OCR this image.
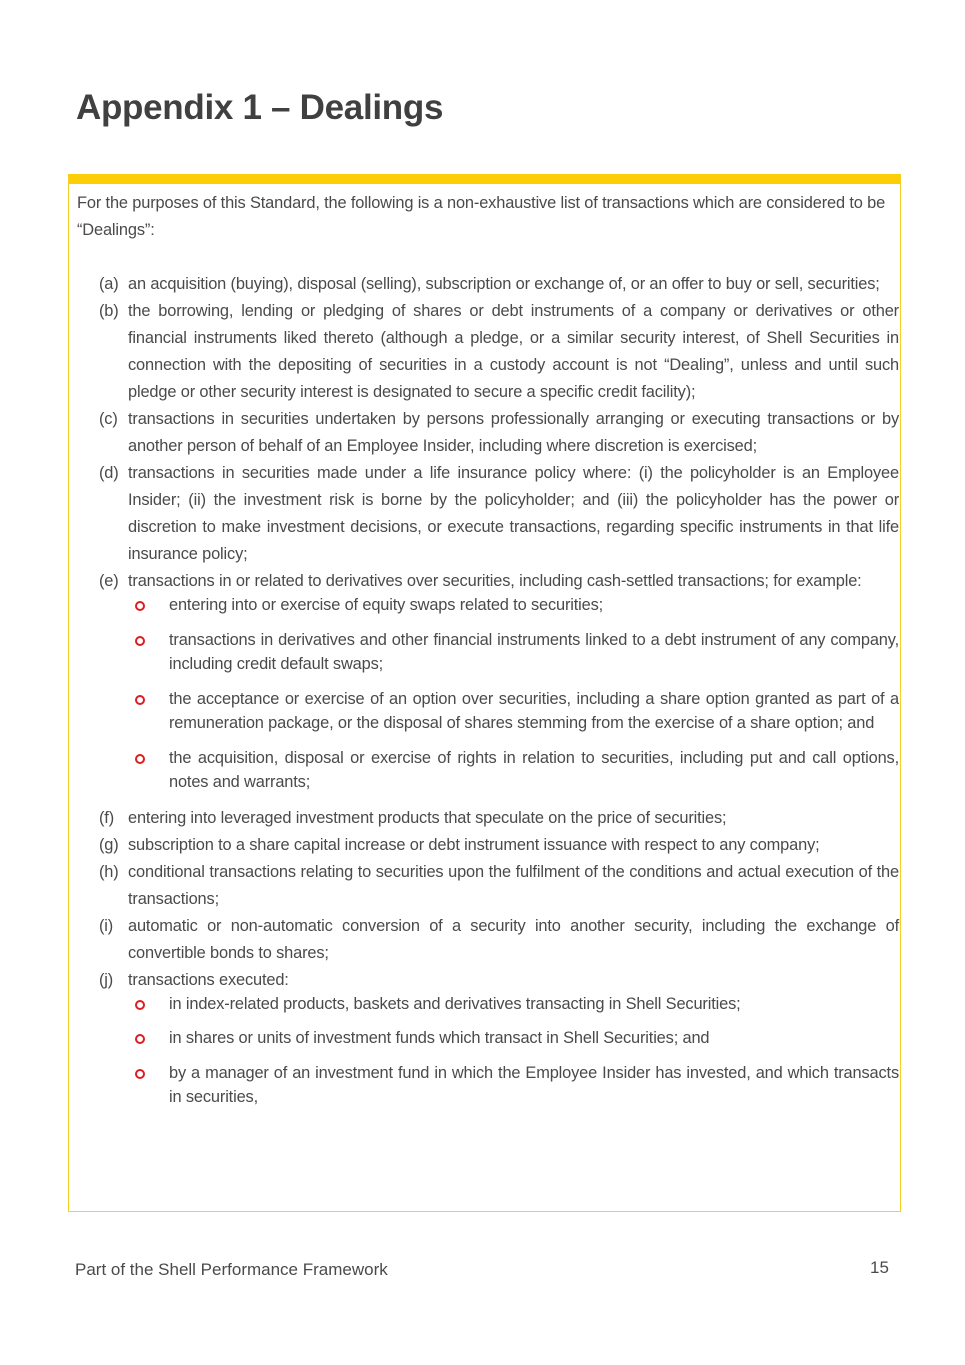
Appendix 1 – Dealings

For the purposes of this Standard, the following is a non-exhaustive list of transactions which are considered to be “Dealings”:

(a) an acquisition (buying), disposal (selling), subscription or exchange of, or an offer to buy or sell, securities;
(b) the borrowing, lending or pledging of shares or debt instruments of a company or derivatives or other financial instruments liked thereto (although a pledge, or a similar security interest, of Shell Securities in connection with the depositing of securities in a custody account is not “Dealing”, unless and until such pledge or other security interest is designated to secure a specific credit facility);
(c) transactions in securities undertaken by persons professionally arranging or executing transactions or by another person of behalf of an Employee Insider, including where discretion is exercised;
(d) transactions in securities made under a life insurance policy where: (i) the policyholder is an Employee Insider; (ii) the investment risk is borne by the policyholder; and (iii) the policyholder has the power or discretion to make investment decisions, or execute transactions, regarding specific instruments in that life insurance policy;
(e) transactions in or related to derivatives over securities, including cash-settled transactions; for example:
entering into or exercise of equity swaps related to securities;
transactions in derivatives and other financial instruments linked to a debt instrument of any company, including credit default swaps;
the acceptance or exercise of an option over securities, including a share option granted as part of a remuneration package, or the disposal of shares stemming from the exercise of a share option; and
the acquisition, disposal or exercise of rights in relation to securities, including put and call options, notes and warrants;
(f) entering into leveraged investment products that speculate on the price of securities;
(g) subscription to a share capital increase or debt instrument issuance with respect to any company;
(h) conditional transactions relating to securities upon the fulfilment of the conditions and actual execution of the transactions;
(i) automatic or non-automatic conversion of a security into another security, including the exchange of convertible bonds to shares;
(j) transactions executed:
in index-related products, baskets and derivatives transacting in Shell Securities;
in shares or units of investment funds which transact in Shell Securities; and
by a manager of an investment fund in which the Employee Insider has invested, and which transacts in securities,
Part of the Shell Performance Framework	15
